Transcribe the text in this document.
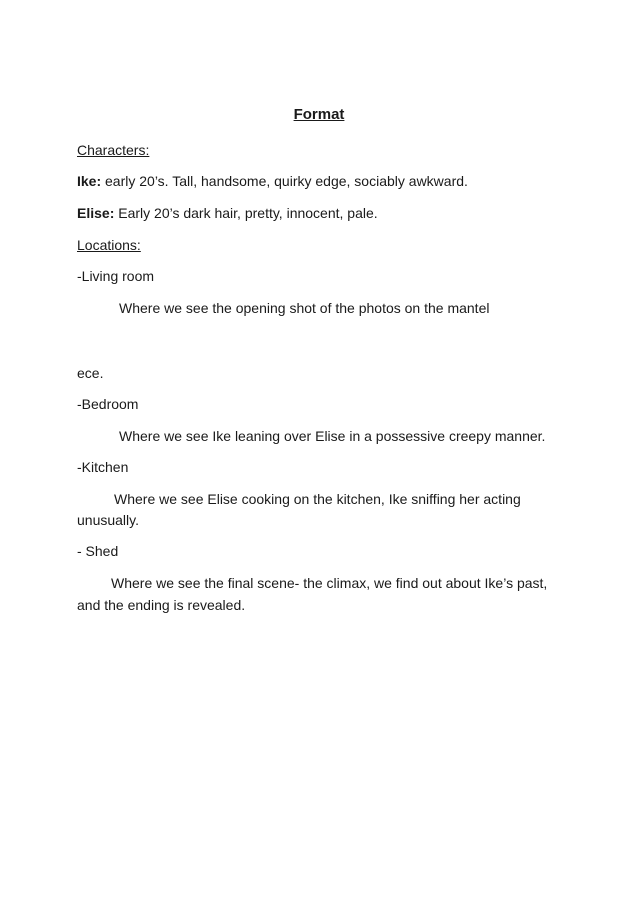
Format
Characters:
Ike: early 20’s. Tall, handsome, quirky edge, sociably awkward.
Elise: Early 20’s dark hair, pretty, innocent, pale.
Locations:
-Living room
Where we see the opening shot of the photos on the mantel
ece.
-Bedroom
Where we see Ike leaning over Elise in a possessive creepy manner.
-Kitchen
Where we see Elise cooking on the kitchen, Ike sniffing her acting
unusually.
- Shed
Where we see the final scene- the climax, we find out about Ike’s past,
and the ending is revealed.
